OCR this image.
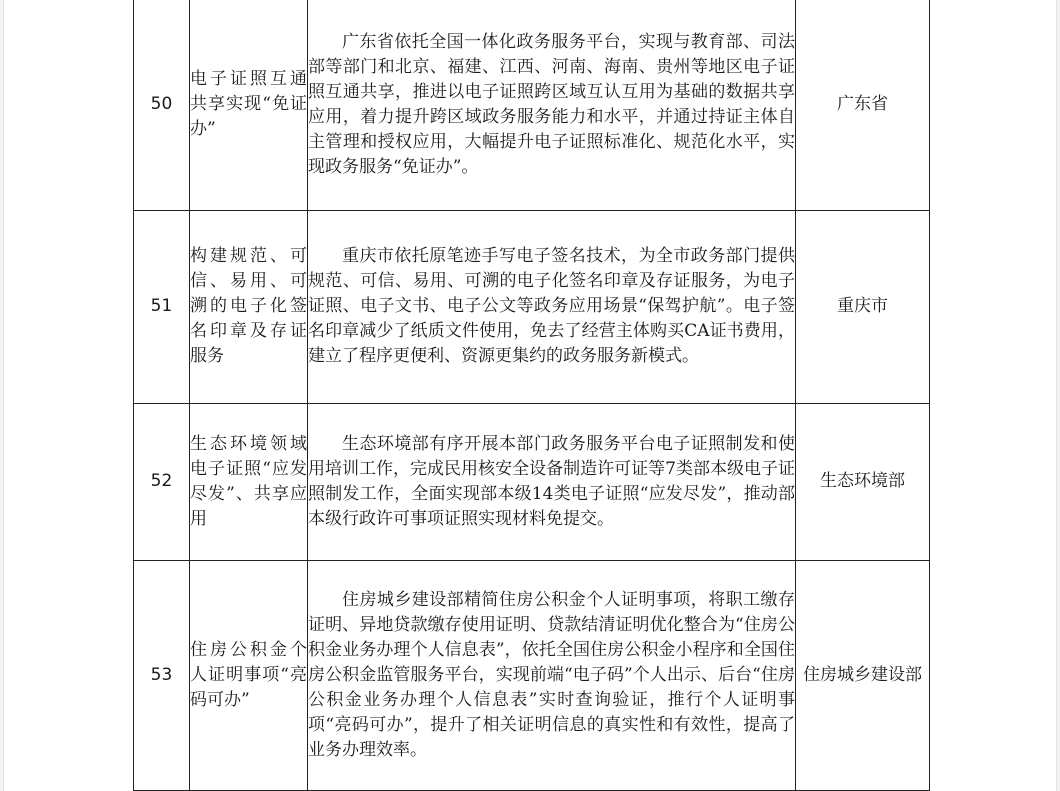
50	电子证照互通共享实现“免证办”	广东省依托全国一体化政务服务平台，实现与教育部、司法部等部门和北京、福建、江西、河南、海南、贵州等地区电子证照互通共享，推进以电子证照跨区域互认互用为基础的数据共享应用，着力提升跨区域政务服务能力和水平，并通过持证主体自主管理和授权应用，大幅提升电子证照标准化、规范化水平，实现政务服务“免证办”。	广东省
51	构建规范、可信、易用、可溯的电子化签名印章及存证服务	重庆市依托原笔迹手写电子签名技术，为全市政务部门提供规范、可信、易用、可溯的电子化签名印章及存证服务，为电子证照、电子文书、电子公文等政务应用场景“保驾护航”。电子签名印章减少了纸质文件使用，免去了经营主体购买CA证书费用，建立了程序更便利、资源更集约的政务服务新模式。	重庆市
52	生态环境领域电子证照“应发尽发”、共享应用	生态环境部有序开展本部门政务服务平台电子证照制发和使用培训工作，完成民用核安全设备制造许可证等7类部本级电子证照制发工作，全面实现部本级14类电子证照“应发尽发”，推动部本级行政许可事项证照实现材料免提交。	生态环境部
53	住房公积金个人证明事项“亮码可办”	住房城乡建设部精简住房公积金个人证明事项，将职工缴存证明、异地贷款缴存使用证明、贷款结清证明优化整合为“住房公积金业务办理个人信息表”，依托全国住房公积金小程序和全国住房公积金监管服务平台，实现前端“电子码”个人出示、后台“住房公积金业务办理个人信息表”实时查询验证，推行个人证明事项“亮码可办”，提升了相关证明信息的真实性和有效性，提高了业务办理效率。	住房城乡建设部
